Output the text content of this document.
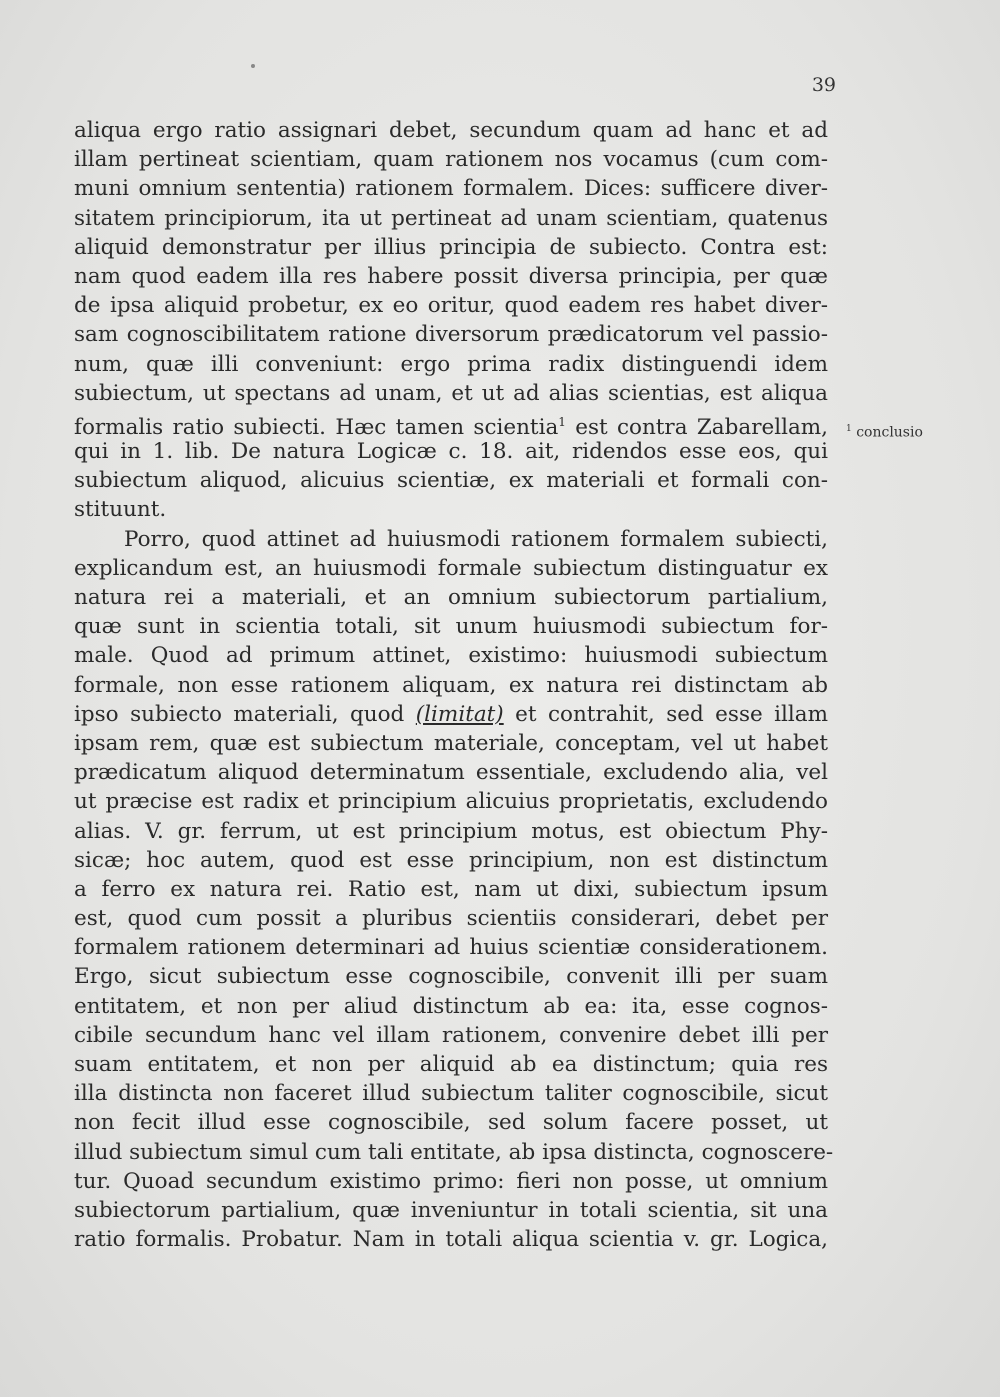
39
$^1$ conclusio
aliqua ergo ratio assignari debet, secundum quam ad hanc et ad
illam pertineat scientiam, quam rationem nos vocamus (cum com-
muni omnium sententia) rationem formalem. Dices: sufficere diver-
sitatem principiorum, ita ut pertineat ad unam scientiam, quatenus
aliquid demonstratur per illius principia de subiecto. Contra est:
nam quod eadem illa res habere possit diversa principia, per quæ
de ipsa aliquid probetur, ex eo oritur, quod eadem res habet diver-
sam cognoscibilitatem ratione diversorum prædicatorum vel passio-
num, quæ illi conveniunt: ergo prima radix distinguendi idem
subiectum, ut spectans ad unam, et ut ad alias scientias, est aliqua
formalis ratio subiecti. Hæc tamen scientia$^1$ est contra Zabarellam,
qui in 1. lib. De natura Logicæ c. 18. ait, ridendos esse eos, qui
subiectum aliquod, alicuius scientiæ, ex materiali et formali con-
stituunt.
Porro, quod attinet ad huiusmodi rationem formalem subiecti,
explicandum est, an huiusmodi formale subiectum distinguatur ex
natura rei a materiali, et an omnium subiectorum partialium,
quæ sunt in scientia totali, sit unum huiusmodi subiectum for-
male. Quod ad primum attinet, existimo: huiusmodi subiectum
formale, non esse rationem aliquam, ex natura rei distinctam ab
ipso subiecto materiali, quod (limitat) et contrahit, sed esse illam
ipsam rem, quæ est subiectum materiale, conceptam, vel ut habet
prædicatum aliquod determinatum essentiale, excludendo alia, vel
ut præcise est radix et principium alicuius proprietatis, excludendo
alias. V. gr. ferrum, ut est principium motus, est obiectum Phy-
sicæ; hoc autem, quod est esse principium, non est distinctum
a ferro ex natura rei. Ratio est, nam ut dixi, subiectum ipsum
est, quod cum possit a pluribus scientiis considerari, debet per
formalem rationem determinari ad huius scientiæ considerationem.
Ergo, sicut subiectum esse cognoscibile, convenit illi per suam
entitatem, et non per aliud distinctum ab ea: ita, esse cognos-
cibile secundum hanc vel illam rationem, convenire debet illi per
suam entitatem, et non per aliquid ab ea distinctum; quia res
illa distincta non faceret illud subiectum taliter cognoscibile, sicut
non fecit illud esse cognoscibile, sed solum facere posset, ut
illud subiectum simul cum tali entitate, ab ipsa distincta, cognoscere-
tur. Quoad secundum existimo primo: fieri non posse, ut omnium
subiectorum partialium, quæ inveniuntur in totali scientia, sit una
ratio formalis. Probatur. Nam in totali aliqua scientia v. gr. Logica,
